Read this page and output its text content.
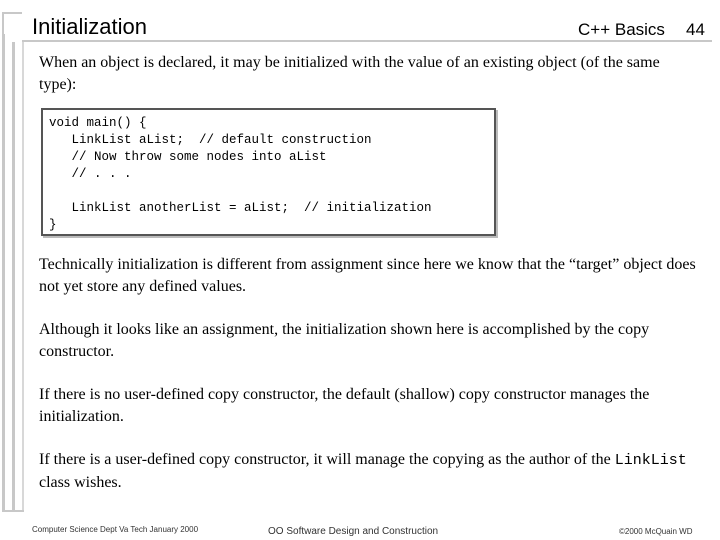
Initialization	C++ Basics 44

When an object is declared, it may be initialized with the value of an existing object (of the same type):

void main() {
LinkList aList;  // default construction
// Now throw some nodes into aList
// . . .

LinkList anotherList = aList;  // initialization
}

Technically initialization is different from assignment since here we know that the “target” object does not yet store any defined values.

Although it looks like an assignment, the initialization shown here is accomplished by the copy constructor.

If there is no user-defined copy constructor, the default (shallow) copy constructor manages the initialization.

If there is a user-defined copy constructor, it will manage the copying as the author of the LinkList class wishes.

Computer Science Dept Va Tech January 2000	OO Software Design and Construction	©2000 McQuain WD
